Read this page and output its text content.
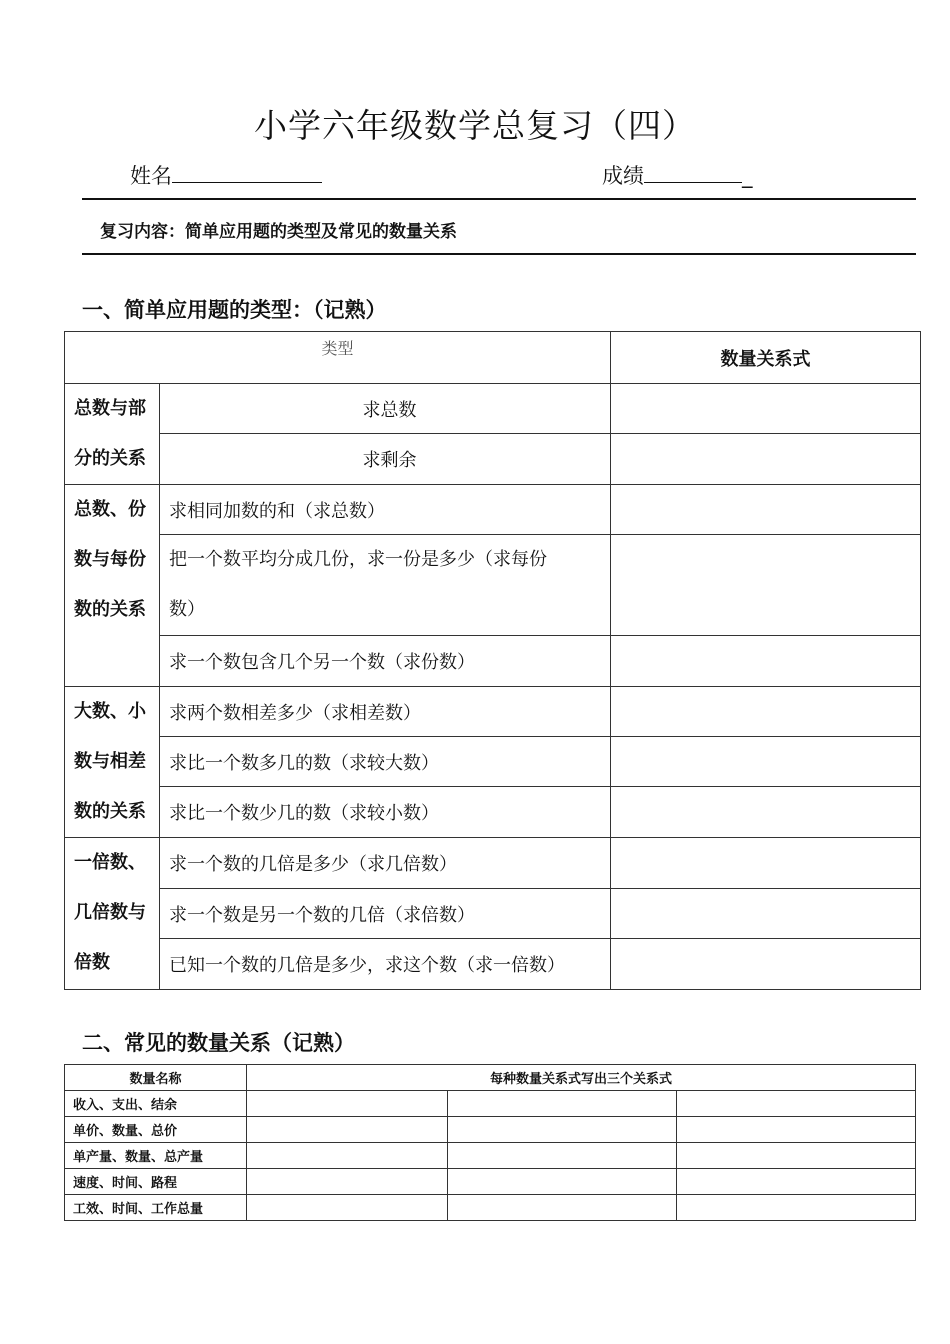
小学六年级数学总复习（四）
姓名	成绩	_
复习内容：简单应用题的类型及常见的数量关系
一、简单应用题的类型：（记熟）
类型		数量关系式

总数与部
分的关系	求总数	
	求剩余	

总数、份
数与每份
数的关系	求相同加数的和（求总数）	

	把一个数平均分成几份，求一份是多少（求每份
数）	

	求一个数包含几个另一个数（求份数）	

大数、小
数与相差
数的关系	求两个数相差多少（求相差数）	
	求比一个数多几的数（求较大数）	
	求比一个数少几的数（求较小数）	

一倍数、
几倍数与
倍数	求一个数的几倍是多少（求几倍数）	
	求一个数是另一个数的几倍（求倍数）	
	已知一个数的几倍是多少，求这个数（求一倍数）	
二、常见的数量关系（记熟）
数量名称	每种数量关系式写出三个关系式		
收入、支出、结余			
单价、数量、总价			
单产量、数量、总产量			
速度、时间、路程			
工效、时间、工作总量			
